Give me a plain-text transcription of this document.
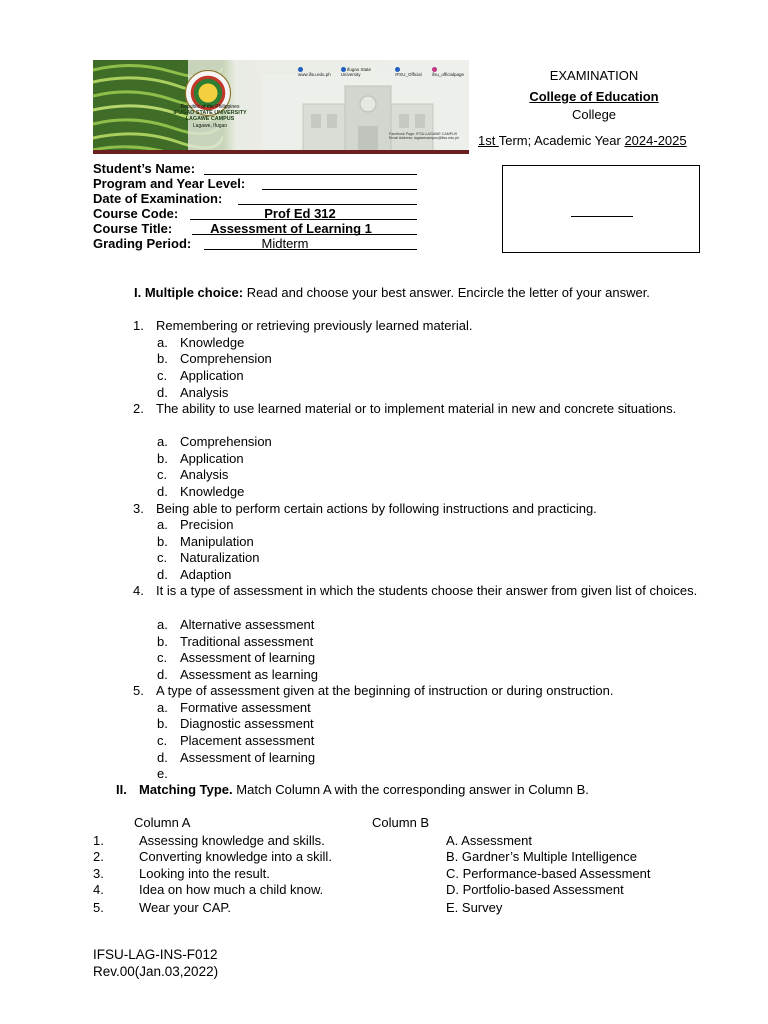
Republic of the Philippines
IFUGAO STATE UNIVERSITY
LAGAWE CAMPUS
Lagawe, Ifugao
www.ifsu.edu.ph
Ifugao State University	IFSU_Official	ifsu_officialpage
Facebook Page: IFSU-LAGAWE CAMPUS
Email Address: lagawecampus@ifsu.edu.ph
EXAMINATION
College of Education
College
1st Term; Academic Year 2024-2025
Student’s Name:
Program and Year Level:
Date of Examination:
Course Code:	Prof Ed 312
Course Title:	Assessment of Learning 1
Grading Period:	Midterm
I. Multiple choice: Read and choose your best answer. Encircle the letter of your answer.
1. Remembering or retrieving previously learned material.
a. Knowledge
b. Comprehension
c. Application
d. Analysis
2. The ability to use learned material or to implement material in new and concrete situations.
a. Comprehension
b. Application
c. Analysis
d. Knowledge
3. Being able to perform certain actions by following instructions and practicing.
a. Precision
b. Manipulation
c. Naturalization
d. Adaption
4. It is a type of assessment in which the students choose their answer from given list of choices.
a. Alternative assessment
b. Traditional assessment
c. Assessment of learning
d. Assessment as learning
5. A type of assessment given at the beginning of instruction or during onstruction.
a. Formative assessment
b. Diagnostic assessment
c. Placement assessment
d. Assessment of learning
e.
II. Matching Type. Match Column A with the corresponding answer in Column B.
Column A	Column B
1.	Assessing knowledge and skills.	A. Assessment
2.	Converting knowledge into a skill.	B. Gardner’s Multiple Intelligence
3.	Looking into the result.	C. Performance-based Assessment
4.	Idea on how much a child know.	D. Portfolio-based Assessment
5.	Wear your CAP.	E. Survey
IFSU-LAG-INS-F012
Rev.00(Jan.03,2022)
